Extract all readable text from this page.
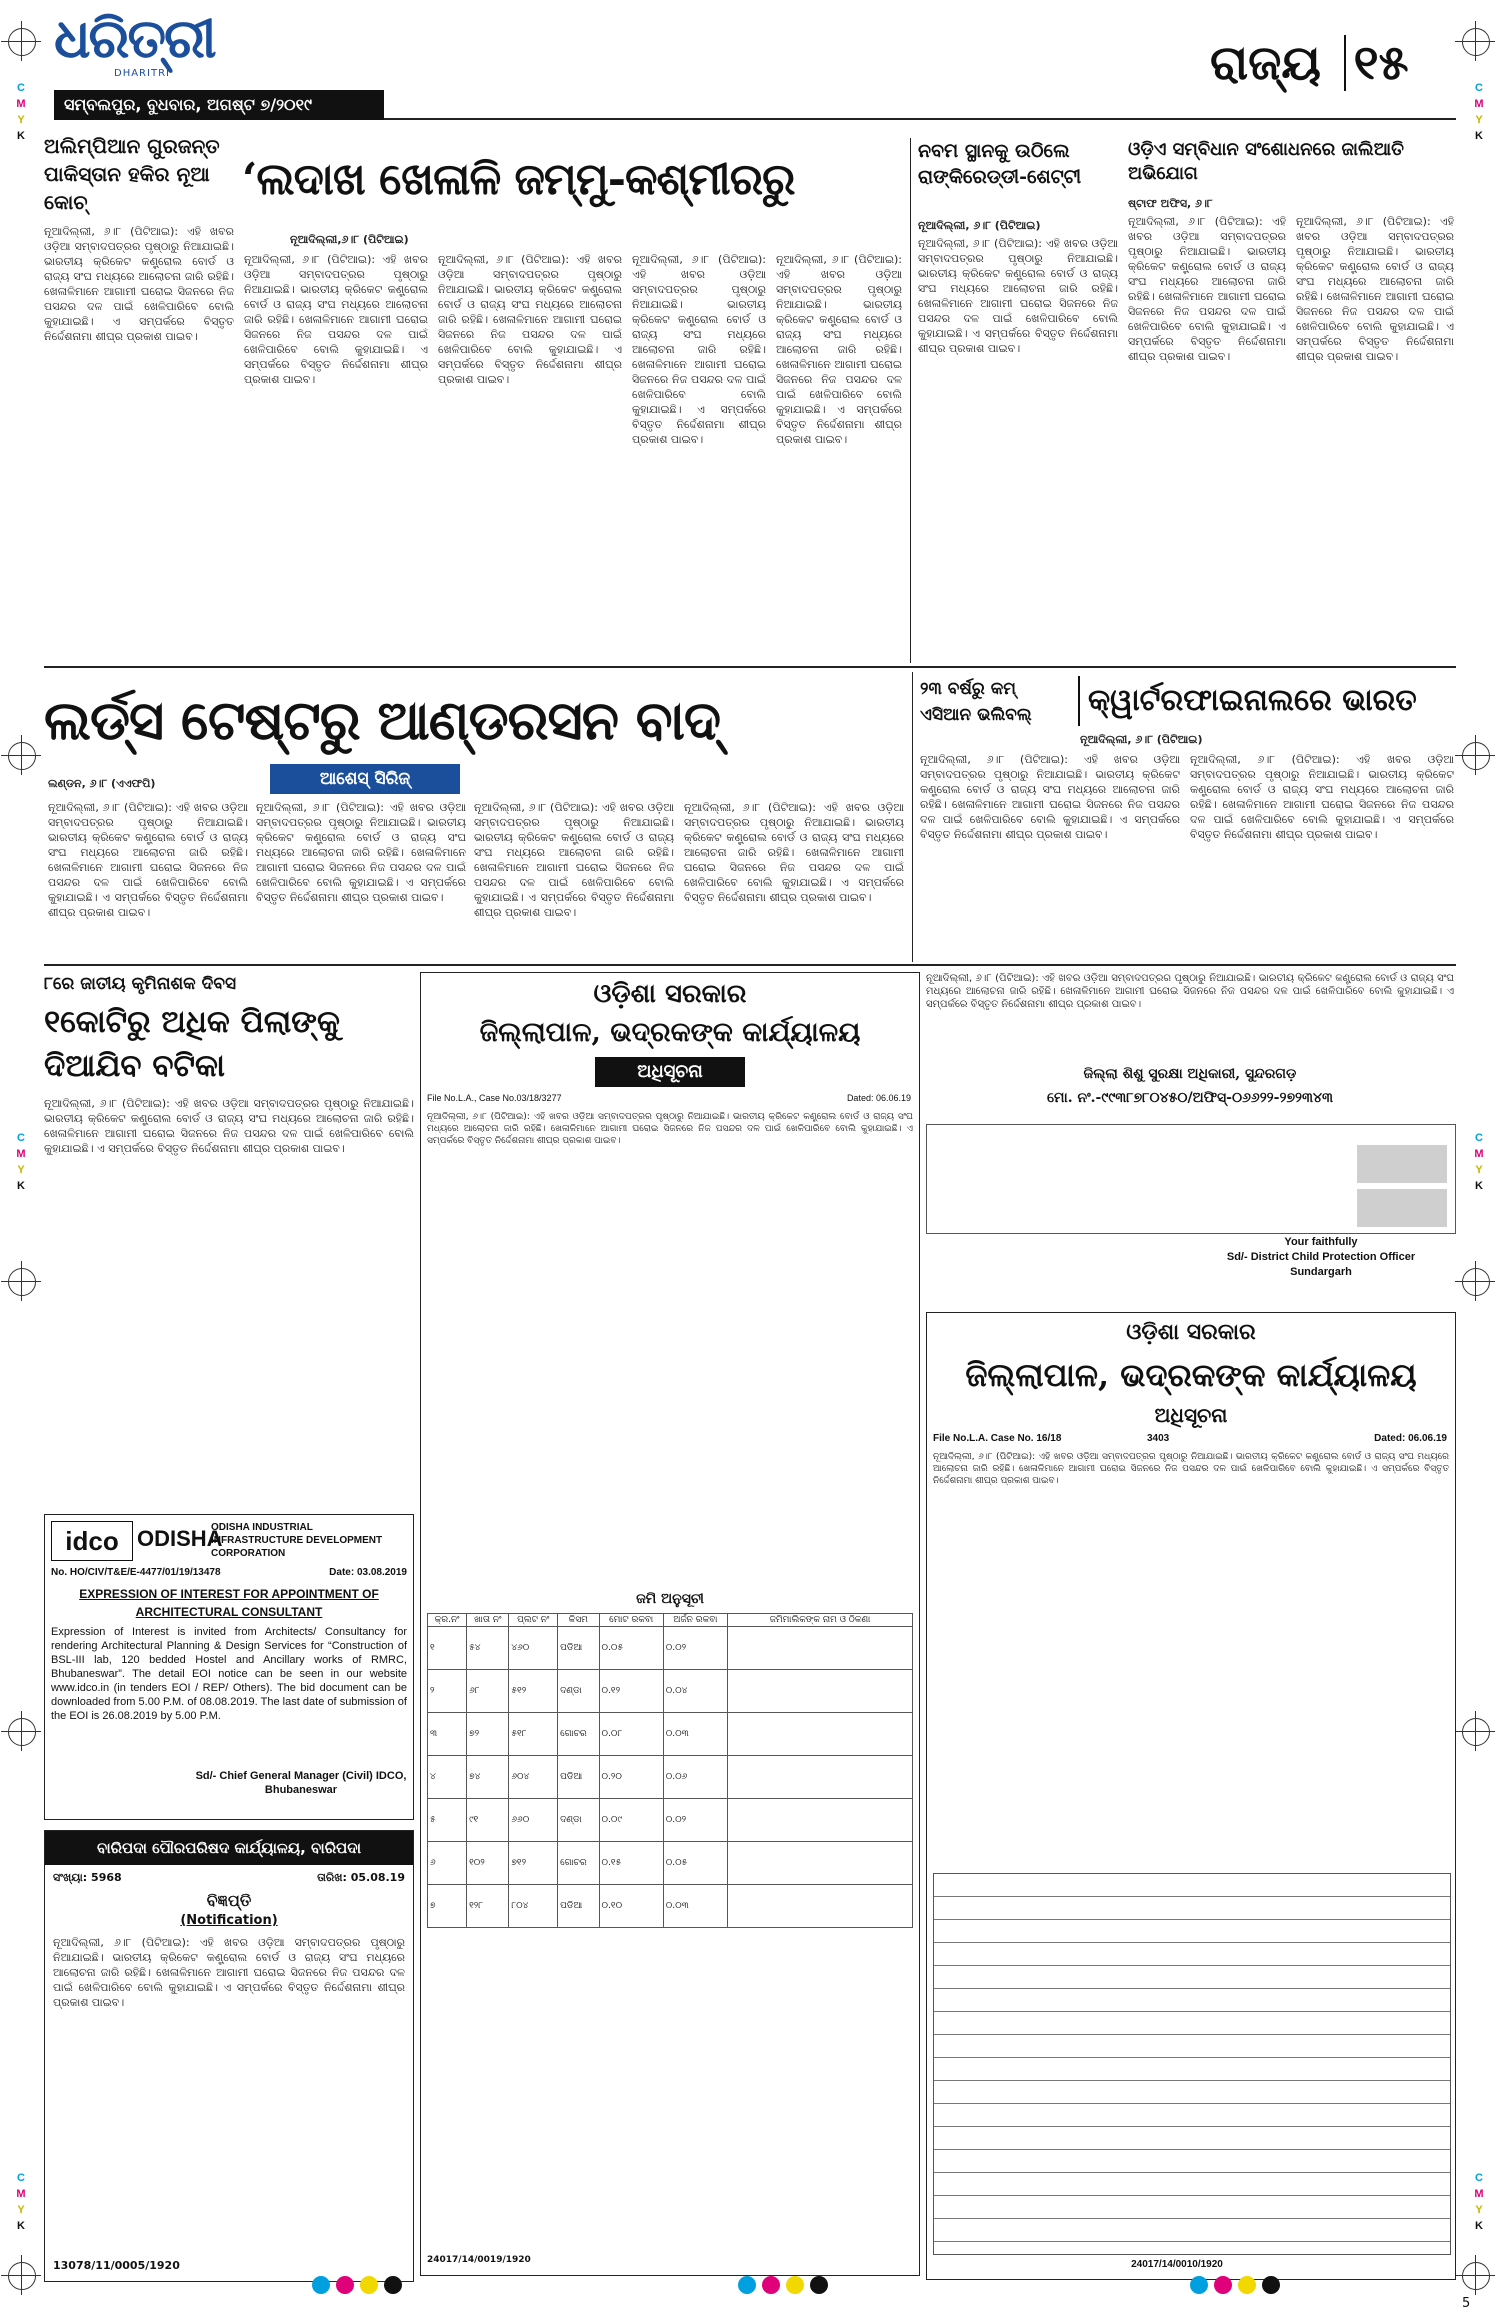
C
M
Y
K
C
M
Y
K
C
M
Y
K
C
M
Y
K
C
M
Y
K
C
M
Y
K
ଧରିତ୍ରୀ
DHARITRI
ସମ୍ବଲପୁର, ବୁଧବାର, ଅଗଷ୍ଟ ୭/୨୦୧୯
ରାଜ୍ୟ ୧୫
ଅଲିମ୍ପିଆନ ଗୁରଜନ୍ତ ପାକିସ୍ତାନ ହକିର ନୂଆ କୋଚ୍
ନୂଆଦିଲ୍ଲୀ, ୬।୮ (ପିଟିଆଇ): ଏହି ଖବର ଓଡ଼ିଆ ସମ୍ବାଦପତ୍ରର ପୃଷ୍ଠାରୁ ନିଆଯାଇଛି। ଭାରତୀୟ କ୍ରିକେଟ କଣ୍ଟ୍ରୋଲ ବୋର୍ଡ ଓ ରାଜ୍ୟ ସଂଘ ମଧ୍ୟରେ ଆଲୋଚନା ଜାରି ରହିଛି। ଖେଳାଳିମାନେ ଆଗାମୀ ଘରୋଇ ସିଜନରେ ନିଜ ପସନ୍ଦର ଦଳ ପାଇଁ ଖେଳିପାରିବେ ବୋଲି କୁହାଯାଇଛି। ଏ ସମ୍ପର୍କରେ ବିସ୍ତୃତ ନିର୍ଦ୍ଦେଶନାମା ଶୀଘ୍ର ପ୍ରକାଶ ପାଇବ।
‘ଲଦାଖ ଖେଳାଳି ଜମ୍ମୁ-କଶ୍ମୀରରୁ
ନୂଆଦିଲ୍ଲୀ,୬।୮ (ପିଟିଆଇ)
ନୂଆଦିଲ୍ଲୀ, ୬।୮ (ପିଟିଆଇ): ଏହି ଖବର ଓଡ଼ିଆ ସମ୍ବାଦପତ୍ରର ପୃଷ୍ଠାରୁ ନିଆଯାଇଛି। ଭାରତୀୟ କ୍ରିକେଟ କଣ୍ଟ୍ରୋଲ ବୋର୍ଡ ଓ ରାଜ୍ୟ ସଂଘ ମଧ୍ୟରେ ଆଲୋଚନା ଜାରି ରହିଛି। ଖେଳାଳିମାନେ ଆଗାମୀ ଘରୋଇ ସିଜନରେ ନିଜ ପସନ୍ଦର ଦଳ ପାଇଁ ଖେଳିପାରିବେ ବୋଲି କୁହାଯାଇଛି। ଏ ସମ୍ପର୍କରେ ବିସ୍ତୃତ ନିର୍ଦ୍ଦେଶନାମା ଶୀଘ୍ର ପ୍ରକାଶ ପାଇବ।
ନୂଆଦିଲ୍ଲୀ, ୬।୮ (ପିଟିଆଇ): ଏହି ଖବର ଓଡ଼ିଆ ସମ୍ବାଦପତ୍ରର ପୃଷ୍ଠାରୁ ନିଆଯାଇଛି। ଭାରତୀୟ କ୍ରିକେଟ କଣ୍ଟ୍ରୋଲ ବୋର୍ଡ ଓ ରାଜ୍ୟ ସଂଘ ମଧ୍ୟରେ ଆଲୋଚନା ଜାରି ରହିଛି। ଖେଳାଳିମାନେ ଆଗାମୀ ଘରୋଇ ସିଜନରେ ନିଜ ପସନ୍ଦର ଦଳ ପାଇଁ ଖେଳିପାରିବେ ବୋଲି କୁହାଯାଇଛି। ଏ ସମ୍ପର୍କରେ ବିସ୍ତୃତ ନିର୍ଦ୍ଦେଶନାମା ଶୀଘ୍ର ପ୍ରକାଶ ପାଇବ।
ନୂଆଦିଲ୍ଲୀ, ୬।୮ (ପିଟିଆଇ): ଏହି ଖବର ଓଡ଼ିଆ ସମ୍ବାଦପତ୍ରର ପୃଷ୍ଠାରୁ ନିଆଯାଇଛି। ଭାରତୀୟ କ୍ରିକେଟ କଣ୍ଟ୍ରୋଲ ବୋର୍ଡ ଓ ରାଜ୍ୟ ସଂଘ ମଧ୍ୟରେ ଆଲୋଚନା ଜାରି ରହିଛି। ଖେଳାଳିମାନେ ଆଗାମୀ ଘରୋଇ ସିଜନରେ ନିଜ ପସନ୍ଦର ଦଳ ପାଇଁ ଖେଳିପାରିବେ ବୋଲି କୁହାଯାଇଛି। ଏ ସମ୍ପର୍କରେ ବିସ୍ତୃତ ନିର୍ଦ୍ଦେଶନାମା ଶୀଘ୍ର ପ୍ରକାଶ ପାଇବ।
ନୂଆଦିଲ୍ଲୀ, ୬।୮ (ପିଟିଆଇ): ଏହି ଖବର ଓଡ଼ିଆ ସମ୍ବାଦପତ୍ରର ପୃଷ୍ଠାରୁ ନିଆଯାଇଛି। ଭାରତୀୟ କ୍ରିକେଟ କଣ୍ଟ୍ରୋଲ ବୋର୍ଡ ଓ ରାଜ୍ୟ ସଂଘ ମଧ୍ୟରେ ଆଲୋଚନା ଜାରି ରହିଛି। ଖେଳାଳିମାନେ ଆଗାମୀ ଘରୋଇ ସିଜନରେ ନିଜ ପସନ୍ଦର ଦଳ ପାଇଁ ଖେଳିପାରିବେ ବୋଲି କୁହାଯାଇଛି। ଏ ସମ୍ପର୍କରେ ବିସ୍ତୃତ ନିର୍ଦ୍ଦେଶନାମା ଶୀଘ୍ର ପ୍ରକାଶ ପାଇବ।
ନବମ ସ୍ଥାନକୁ ଉଠିଲେ ରାଙ୍କିରେଡ୍ଡୀ-ଶେଟ୍ଟୀ
ନୂଆଦିଲ୍ଲୀ, ୬।୮ (ପିଟିଆଇ)
ନୂଆଦିଲ୍ଲୀ, ୬।୮ (ପିଟିଆଇ): ଏହି ଖବର ଓଡ଼ିଆ ସମ୍ବାଦପତ୍ରର ପୃଷ୍ଠାରୁ ନିଆଯାଇଛି। ଭାରତୀୟ କ୍ରିକେଟ କଣ୍ଟ୍ରୋଲ ବୋର୍ଡ ଓ ରାଜ୍ୟ ସଂଘ ମଧ୍ୟରେ ଆଲୋଚନା ଜାରି ରହିଛି। ଖେଳାଳିମାନେ ଆଗାମୀ ଘରୋଇ ସିଜନରେ ନିଜ ପସନ୍ଦର ଦଳ ପାଇଁ ଖେଳିପାରିବେ ବୋଲି କୁହାଯାଇଛି। ଏ ସମ୍ପର୍କରେ ବିସ୍ତୃତ ନିର୍ଦ୍ଦେଶନାମା ଶୀଘ୍ର ପ୍ରକାଶ ପାଇବ।
ଓଡ଼ିଏ ସମ୍ବିଧାନ ସଂଶୋଧନରେ ଜାଲିଆତି ଅଭିଯୋଗ
ଷ୍ଟାଫ ଅଫିସ, ୬।୮
ନୂଆଦିଲ୍ଲୀ, ୬।୮ (ପିଟିଆଇ): ଏହି ଖବର ଓଡ଼ିଆ ସମ୍ବାଦପତ୍ରର ପୃଷ୍ଠାରୁ ନିଆଯାଇଛି। ଭାରତୀୟ କ୍ରିକେଟ କଣ୍ଟ୍ରୋଲ ବୋର୍ଡ ଓ ରାଜ୍ୟ ସଂଘ ମଧ୍ୟରେ ଆଲୋଚନା ଜାରି ରହିଛି। ଖେଳାଳିମାନେ ଆଗାମୀ ଘରୋଇ ସିଜନରେ ନିଜ ପସନ୍ଦର ଦଳ ପାଇଁ ଖେଳିପାରିବେ ବୋଲି କୁହାଯାଇଛି। ଏ ସମ୍ପର୍କରେ ବିସ୍ତୃତ ନିର୍ଦ୍ଦେଶନାମା ଶୀଘ୍ର ପ୍ରକାଶ ପାଇବ।
ନୂଆଦିଲ୍ଲୀ, ୬।୮ (ପିଟିଆଇ): ଏହି ଖବର ଓଡ଼ିଆ ସମ୍ବାଦପତ୍ରର ପୃଷ୍ଠାରୁ ନିଆଯାଇଛି। ଭାରତୀୟ କ୍ରିକେଟ କଣ୍ଟ୍ରୋଲ ବୋର୍ଡ ଓ ରାଜ୍ୟ ସଂଘ ମଧ୍ୟରେ ଆଲୋଚନା ଜାରି ରହିଛି। ଖେଳାଳିମାନେ ଆଗାମୀ ଘରୋଇ ସିଜନରେ ନିଜ ପସନ୍ଦର ଦଳ ପାଇଁ ଖେଳିପାରିବେ ବୋଲି କୁହାଯାଇଛି। ଏ ସମ୍ପର୍କରେ ବିସ୍ତୃତ ନିର୍ଦ୍ଦେଶନାମା ଶୀଘ୍ର ପ୍ରକାଶ ପାଇବ।
ଲର୍ଡ୍ସ ଟେଷ୍ଟରୁ ଆଣ୍ଡରସନ ବାଦ୍
ଲଣ୍ଡନ, ୬।୮ (ଏଏଫପି)	ଆଶେସ୍ ସିରିଜ୍
ନୂଆଦିଲ୍ଲୀ, ୬।୮ (ପିଟିଆଇ): ଏହି ଖବର ଓଡ଼ିଆ ସମ୍ବାଦପତ୍ରର ପୃଷ୍ଠାରୁ ନିଆଯାଇଛି। ଭାରତୀୟ କ୍ରିକେଟ କଣ୍ଟ୍ରୋଲ ବୋର୍ଡ ଓ ରାଜ୍ୟ ସଂଘ ମଧ୍ୟରେ ଆଲୋଚନା ଜାରି ରହିଛି। ଖେଳାଳିମାନେ ଆଗାମୀ ଘରୋଇ ସିଜନରେ ନିଜ ପସନ୍ଦର ଦଳ ପାଇଁ ଖେଳିପାରିବେ ବୋଲି କୁହାଯାଇଛି। ଏ ସମ୍ପର୍କରେ ବିସ୍ତୃତ ନିର୍ଦ୍ଦେଶନାମା ଶୀଘ୍ର ପ୍ରକାଶ ପାଇବ।
ନୂଆଦିଲ୍ଲୀ, ୬।୮ (ପିଟିଆଇ): ଏହି ଖବର ଓଡ଼ିଆ ସମ୍ବାଦପତ୍ରର ପୃଷ୍ଠାରୁ ନିଆଯାଇଛି। ଭାରତୀୟ କ୍ରିକେଟ କଣ୍ଟ୍ରୋଲ ବୋର୍ଡ ଓ ରାଜ୍ୟ ସଂଘ ମଧ୍ୟରେ ଆଲୋଚନା ଜାରି ରହିଛି। ଖେଳାଳିମାନେ ଆଗାମୀ ଘରୋଇ ସିଜନରେ ନିଜ ପସନ୍ଦର ଦଳ ପାଇଁ ଖେଳିପାରିବେ ବୋଲି କୁହାଯାଇଛି। ଏ ସମ୍ପର୍କରେ ବିସ୍ତୃତ ନିର୍ଦ୍ଦେଶନାମା ଶୀଘ୍ର ପ୍ରକାଶ ପାଇବ।
ନୂଆଦିଲ୍ଲୀ, ୬।୮ (ପିଟିଆଇ): ଏହି ଖବର ଓଡ଼ିଆ ସମ୍ବାଦପତ୍ରର ପୃଷ୍ଠାରୁ ନିଆଯାଇଛି। ଭାରତୀୟ କ୍ରିକେଟ କଣ୍ଟ୍ରୋଲ ବୋର୍ଡ ଓ ରାଜ୍ୟ ସଂଘ ମଧ୍ୟରେ ଆଲୋଚନା ଜାରି ରହିଛି। ଖେଳାଳିମାନେ ଆଗାମୀ ଘରୋଇ ସିଜନରେ ନିଜ ପସନ୍ଦର ଦଳ ପାଇଁ ଖେଳିପାରିବେ ବୋଲି କୁହାଯାଇଛି। ଏ ସମ୍ପର୍କରେ ବିସ୍ତୃତ ନିର୍ଦ୍ଦେଶନାମା ଶୀଘ୍ର ପ୍ରକାଶ ପାଇବ।
ନୂଆଦିଲ୍ଲୀ, ୬।୮ (ପିଟିଆଇ): ଏହି ଖବର ଓଡ଼ିଆ ସମ୍ବାଦପତ୍ରର ପୃଷ୍ଠାରୁ ନିଆଯାଇଛି। ଭାରତୀୟ କ୍ରିକେଟ କଣ୍ଟ୍ରୋଲ ବୋର୍ଡ ଓ ରାଜ୍ୟ ସଂଘ ମଧ୍ୟରେ ଆଲୋଚନା ଜାରି ରହିଛି। ଖେଳାଳିମାନେ ଆଗାମୀ ଘରୋଇ ସିଜନରେ ନିଜ ପସନ୍ଦର ଦଳ ପାଇଁ ଖେଳିପାରିବେ ବୋଲି କୁହାଯାଇଛି। ଏ ସମ୍ପର୍କରେ ବିସ୍ତୃତ ନିର୍ଦ୍ଦେଶନାମା ଶୀଘ୍ର ପ୍ରକାଶ ପାଇବ।
୨୩ ବର୍ଷରୁ କମ୍ ଏସିଆନ ଭଲିବଲ୍	କ୍ୱାର୍ଟରଫାଇନାଲରେ ଭାରତ
ନୂଆଦିଲ୍ଲୀ, ୬।୮ (ପିଟିଆଇ)
ନୂଆଦିଲ୍ଲୀ, ୬।୮ (ପିଟିଆଇ): ଏହି ଖବର ଓଡ଼ିଆ ସମ୍ବାଦପତ୍ରର ପୃଷ୍ଠାରୁ ନିଆଯାଇଛି। ଭାରତୀୟ କ୍ରିକେଟ କଣ୍ଟ୍ରୋଲ ବୋର୍ଡ ଓ ରାଜ୍ୟ ସଂଘ ମଧ୍ୟରେ ଆଲୋଚନା ଜାରି ରହିଛି। ଖେଳାଳିମାନେ ଆଗାମୀ ଘରୋଇ ସିଜନରେ ନିଜ ପସନ୍ଦର ଦଳ ପାଇଁ ଖେଳିପାରିବେ ବୋଲି କୁହାଯାଇଛି। ଏ ସମ୍ପର୍କରେ ବିସ୍ତୃତ ନିର୍ଦ୍ଦେଶନାମା ଶୀଘ୍ର ପ୍ରକାଶ ପାଇବ।
ନୂଆଦିଲ୍ଲୀ, ୬।୮ (ପିଟିଆଇ): ଏହି ଖବର ଓଡ଼ିଆ ସମ୍ବାଦପତ୍ରର ପୃଷ୍ଠାରୁ ନିଆଯାଇଛି। ଭାରତୀୟ କ୍ରିକେଟ କଣ୍ଟ୍ରୋଲ ବୋର୍ଡ ଓ ରାଜ୍ୟ ସଂଘ ମଧ୍ୟରେ ଆଲୋଚନା ଜାରି ରହିଛି। ଖେଳାଳିମାନେ ଆଗାମୀ ଘରୋଇ ସିଜନରେ ନିଜ ପସନ୍ଦର ଦଳ ପାଇଁ ଖେଳିପାରିବେ ବୋଲି କୁହାଯାଇଛି। ଏ ସମ୍ପର୍କରେ ବିସ୍ତୃତ ନିର୍ଦ୍ଦେଶନାମା ଶୀଘ୍ର ପ୍ରକାଶ ପାଇବ।
୮ରେ ଜାତୀୟ କୃମିନାଶକ ଦିବସ
୧କୋଟିରୁ ଅଧିକ ପିଲାଙ୍କୁ ଦିଆଯିବ ବଟିକା
ନୂଆଦିଲ୍ଲୀ, ୬।୮ (ପିଟିଆଇ): ଏହି ଖବର ଓଡ଼ିଆ ସମ୍ବାଦପତ୍ରର ପୃଷ୍ଠାରୁ ନିଆଯାଇଛି। ଭାରତୀୟ କ୍ରିକେଟ କଣ୍ଟ୍ରୋଲ ବୋର୍ଡ ଓ ରାଜ୍ୟ ସଂଘ ମଧ୍ୟରେ ଆଲୋଚନା ଜାରି ରହିଛି। ଖେଳାଳିମାନେ ଆଗାମୀ ଘରୋଇ ସିଜନରେ ନିଜ ପସନ୍ଦର ଦଳ ପାଇଁ ଖେଳିପାରିବେ ବୋଲି କୁହାଯାଇଛି। ଏ ସମ୍ପର୍କରେ ବିସ୍ତୃତ ନିର୍ଦ୍ଦେଶନାମା ଶୀଘ୍ର ପ୍ରକାଶ ପାଇବ।
idco ODISHA
ODISHA INDUSTRIAL INFRASTRUCTURE DEVELOPMENT CORPORATION
No. HO/CIV/T&E/E-4477/01/19/13478	Date: 03.08.2019
EXPRESSION OF INTEREST FOR APPOINTMENT OF ARCHITECTURAL CONSULTANT
Expression of Interest is invited from Architects/ Consultancy for rendering Architectural Planning & Design Services for “Construction of BSL-III lab, 120 bedded Hostel and Ancillary works of RMRC, Bhubaneswar”. The detail EOI notice can be seen in our website www.idco.in (in tenders EOI / REP/ Others). The bid document can be downloaded from 5.00 P.M. of 08.08.2019. The last date of submission of the EOI is 26.08.2019 by 5.00 P.M.
Sd/- Chief General Manager (Civil) IDCO, Bhubaneswar
ବାରିପଦା ପୌରପରିଷଦ କାର୍ଯ୍ୟାଳୟ, ବାରିପଦା
ସଂଖ୍ୟା: 5968	ତାରିଖ: 05.08.19
ବିଜ୍ଞପ୍ତି
(Notification)
ନୂଆଦିଲ୍ଲୀ, ୬।୮ (ପିଟିଆଇ): ଏହି ଖବର ଓଡ଼ିଆ ସମ୍ବାଦପତ୍ରର ପୃଷ୍ଠାରୁ ନିଆଯାଇଛି। ଭାରତୀୟ କ୍ରିକେଟ କଣ୍ଟ୍ରୋଲ ବୋର୍ଡ ଓ ରାଜ୍ୟ ସଂଘ ମଧ୍ୟରେ ଆଲୋଚନା ଜାରି ରହିଛି। ଖେଳାଳିମାନେ ଆଗାମୀ ଘରୋଇ ସିଜନରେ ନିଜ ପସନ୍ଦର ଦଳ ପାଇଁ ଖେଳିପାରିବେ ବୋଲି କୁହାଯାଇଛି। ଏ ସମ୍ପର୍କରେ ବିସ୍ତୃତ ନିର୍ଦ୍ଦେଶନାମା ଶୀଘ୍ର ପ୍ରକାଶ ପାଇବ।
13078/11/0005/1920
ଓଡ଼ିଶା ସରକାର
ଜିଲ୍ଲାପାଳ, ଭଦ୍ରକଙ୍କ କାର୍ଯ୍ୟାଳୟ
ଅଧିସୂଚନା
File No.L.A., Case No.03/18/3277	Dated: 06.06.19
ନୂଆଦିଲ୍ଲୀ, ୬।୮ (ପିଟିଆଇ): ଏହି ଖବର ଓଡ଼ିଆ ସମ୍ବାଦପତ୍ରର ପୃଷ୍ଠାରୁ ନିଆଯାଇଛି। ଭାରତୀୟ କ୍ରିକେଟ କଣ୍ଟ୍ରୋଲ ବୋର୍ଡ ଓ ରାଜ୍ୟ ସଂଘ ମଧ୍ୟରେ ଆଲୋଚନା ଜାରି ରହିଛି। ଖେଳାଳିମାନେ ଆଗାମୀ ଘରୋଇ ସିଜନରେ ନିଜ ପସନ୍ଦର ଦଳ ପାଇଁ ଖେଳିପାରିବେ ବୋଲି କୁହାଯାଇଛି। ଏ ସମ୍ପର୍କରେ ବିସ୍ତୃତ ନିର୍ଦ୍ଦେଶନାମା ଶୀଘ୍ର ପ୍ରକାଶ ପାଇବ।
ଜମି ଅନୁସୂଚୀ
କ୍ର.ନଂ	ଖାତା ନଂ	ପ୍ଲଟ ନଂ	କିସମ	ମୋଟ ରକବା	ଅର୍ଜନ ରକବା	ଜମିମାଲିକଙ୍କ ନାମ ଓ ଠିକଣା
୧	୫୪	୪୬୦	ପଡିଆ	୦.୦୫	୦.୦୨	
୨	୬୮	୫୧୨	ଦଣ୍ଡା	୦.୧୨	୦.୦୪	
୩	୭୨	୫୧୮	ଗୋଚର	୦.୦୮	୦.୦୩	
୪	୭୪	୬୦୪	ପଡିଆ	୦.୨୦	୦.୦୬	
୫	୯୧	୬୬୦	ଦଣ୍ଡା	୦.୦୯	୦.୦୨	
୬	୧୦୨	୭୧୨	ଗୋଚର	୦.୧୫	୦.୦୫	
୭	୧୨୮	୮୦୪	ପଡିଆ	୦.୧୦	୦.୦୩	
24017/14/0019/1920
ନୂଆଦିଲ୍ଲୀ, ୬।୮ (ପିଟିଆଇ): ଏହି ଖବର ଓଡ଼ିଆ ସମ୍ବାଦପତ୍ରର ପୃଷ୍ଠାରୁ ନିଆଯାଇଛି। ଭାରତୀୟ କ୍ରିକେଟ କଣ୍ଟ୍ରୋଲ ବୋର୍ଡ ଓ ରାଜ୍ୟ ସଂଘ ମଧ୍ୟରେ ଆଲୋଚନା ଜାରି ରହିଛି। ଖେଳାଳିମାନେ ଆଗାମୀ ଘରୋଇ ସିଜନରେ ନିଜ ପସନ୍ଦର ଦଳ ପାଇଁ ଖେଳିପାରିବେ ବୋଲି କୁହାଯାଇଛି। ଏ ସମ୍ପର୍କରେ ବିସ୍ତୃତ ନିର୍ଦ୍ଦେଶନାମା ଶୀଘ୍ର ପ୍ରକାଶ ପାଇବ।
ଜିଲ୍ଲା ଶିଶୁ ସୁରକ୍ଷା ଅଧିକାରୀ, ସୁନ୍ଦରଗଡ଼
ମୋ. ନଂ.-୯୯୩୮୭୮୦୪୫୦/ଅଫିସ୍-୦୬୬୨୨-୨୭୨୩୪୩
Your faithfully
Sd/- District Child Protection Officer
Sundargarh
ଓଡ଼ିଶା ସରକାର
ଜିଲ୍ଲାପାଳ, ଭଦ୍ରକଙ୍କ କାର୍ଯ୍ୟାଳୟ
ଅଧିସୂଚନା
File No.L.A. Case No. 16/18	3403	Dated: 06.06.19
ନୂଆଦିଲ୍ଲୀ, ୬।୮ (ପିଟିଆଇ): ଏହି ଖବର ଓଡ଼ିଆ ସମ୍ବାଦପତ୍ରର ପୃଷ୍ଠାରୁ ନିଆଯାଇଛି। ଭାରତୀୟ କ୍ରିକେଟ କଣ୍ଟ୍ରୋଲ ବୋର୍ଡ ଓ ରାଜ୍ୟ ସଂଘ ମଧ୍ୟରେ ଆଲୋଚନା ଜାରି ରହିଛି। ଖେଳାଳିମାନେ ଆଗାମୀ ଘରୋଇ ସିଜନରେ ନିଜ ପସନ୍ଦର ଦଳ ପାଇଁ ଖେଳିପାରିବେ ବୋଲି କୁହାଯାଇଛି। ଏ ସମ୍ପର୍କରେ ବିସ୍ତୃତ ନିର୍ଦ୍ଦେଶନାମା ଶୀଘ୍ର ପ୍ରକାଶ ପାଇବ।
24017/14/0010/1920
5
